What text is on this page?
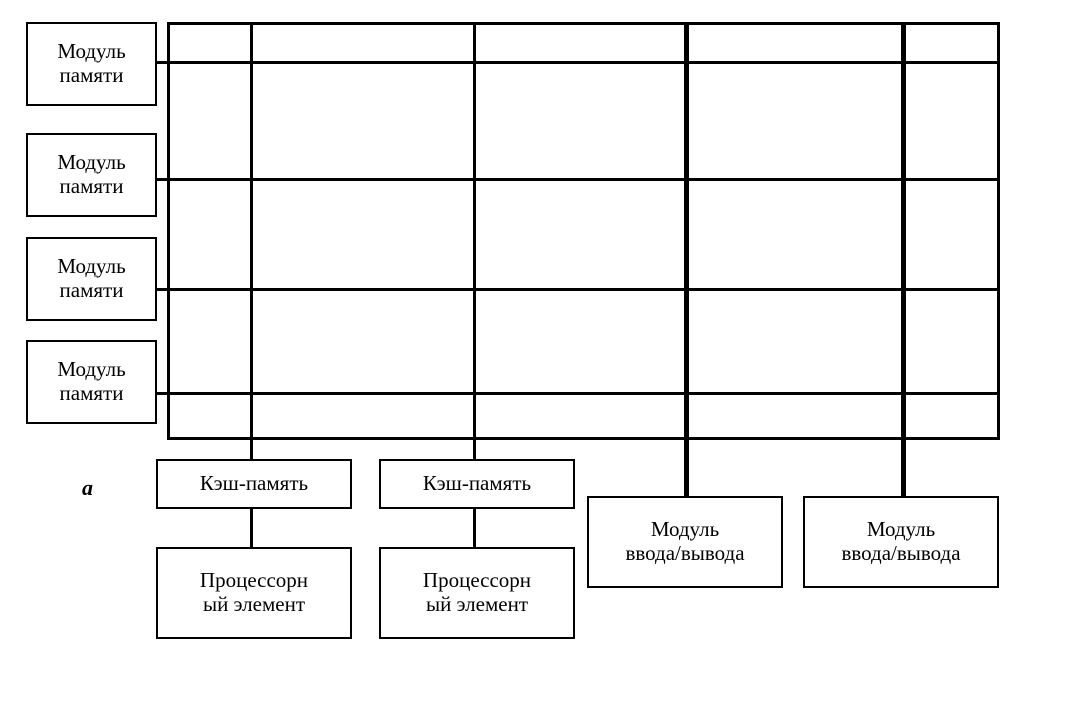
Модуль
памяти
Модуль
памяти
Модуль
памяти
Модуль
памяти
Кэш-память	Кэш-память
Процессорн
ый элемент
Процессорн
ый элемент
Модуль
ввода/вывода
Модуль
ввода/вывода
а
